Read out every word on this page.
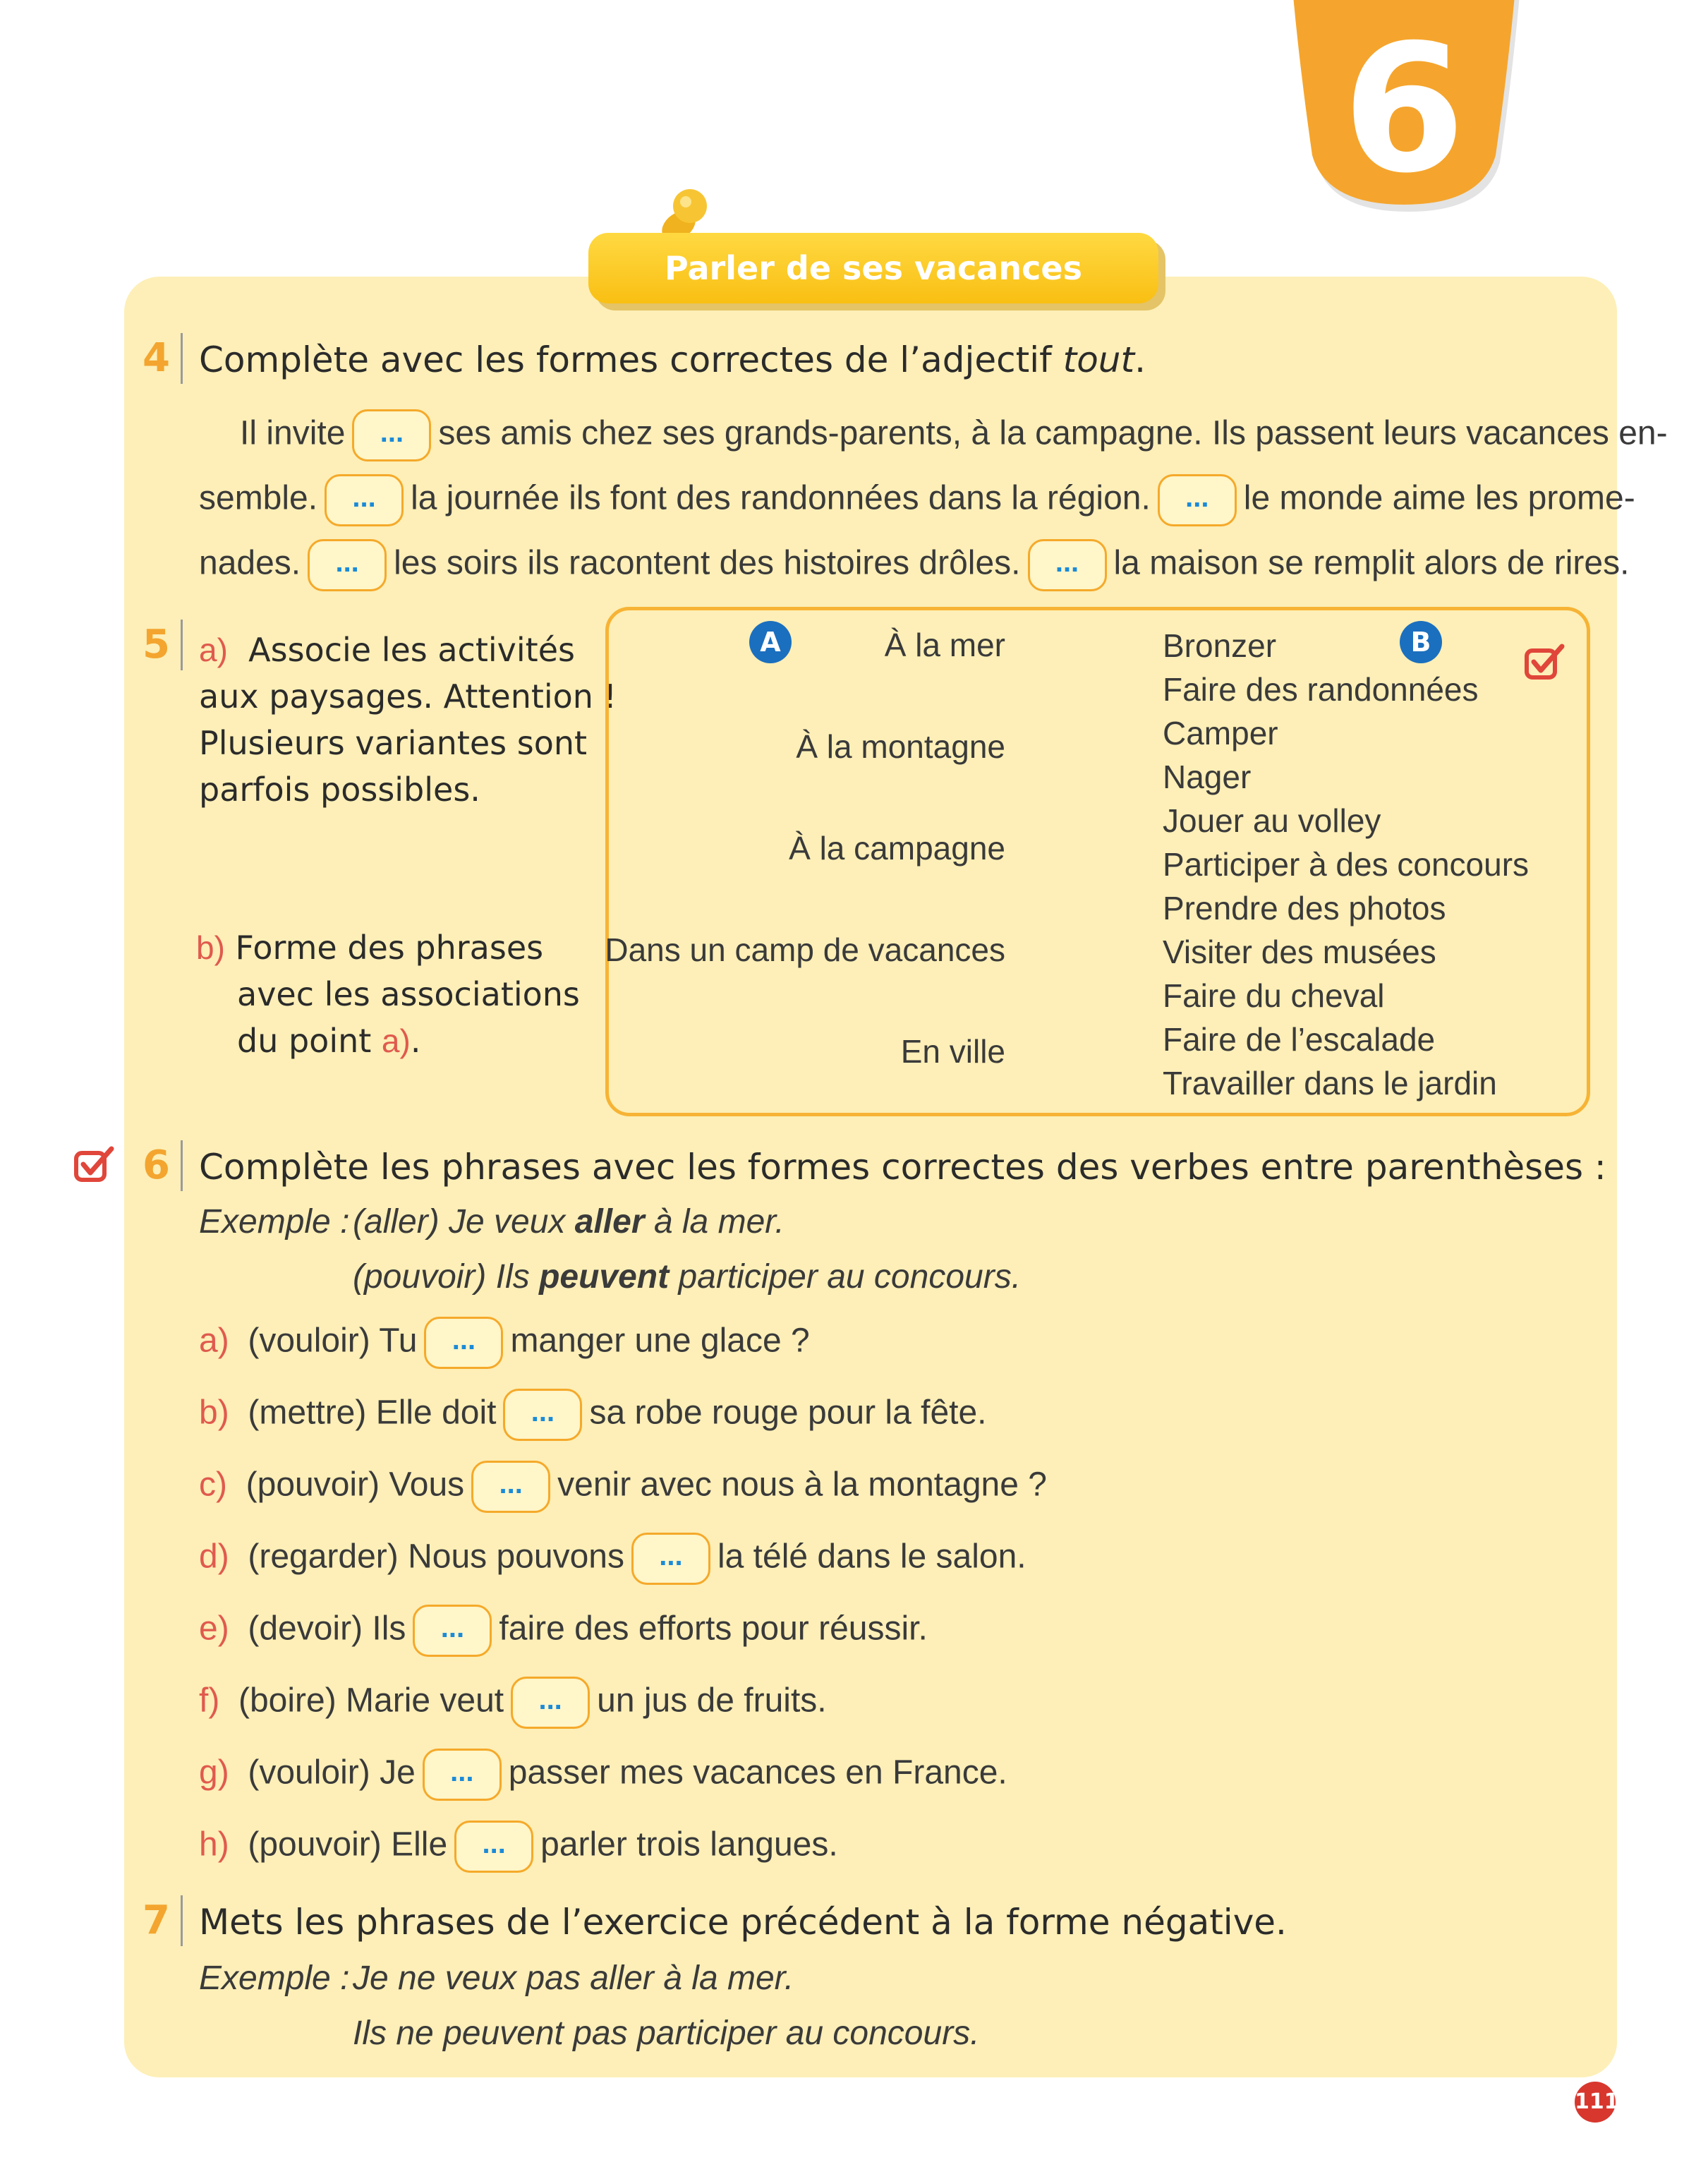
6
Parler de ses vacances
4 Complète avec les formes correctes de l’adjectif tout.
Il invite ... ses amis chez ses grands-parents, à la campagne. Ils passent leurs vacances en-
semble. ... la journée ils font des randonnées dans la région. ... le monde aime les prome-
nades. ... les soirs ils racontent des histoires drôles. ... la maison se remplit alors de rires.
5 a) Associe les activités
aux paysages. Attention !
Plusieurs variantes sont
parfois possibles.
b) Forme des phrases
avec les associations
du point a).
A	B
À la mer
À la montagne
À la campagne
Dans un camp de vacances
En ville
Bronzer
Faire des randonnées
Camper
Nager
Jouer au volley
Participer à des concours
Prendre des photos
Visiter des musées
Faire du cheval
Faire de l’escalade
Travailler dans le jardin
6 Complète les phrases avec les formes correctes des verbes entre parenthèses :
Exemple : (aller) Je veux aller à la mer.
(pouvoir) Ils peuvent participer au concours.
a) (vouloir) Tu ... manger une glace ?
b) (mettre) Elle doit ... sa robe rouge pour la fête.
c) (pouvoir) Vous ... venir avec nous à la montagne ?
d) (regarder) Nous pouvons ... la télé dans le salon.
e) (devoir) Ils ... faire des efforts pour réussir.
f) (boire) Marie veut ... un jus de fruits.
g) (vouloir) Je ... passer mes vacances en France.
h) (pouvoir) Elle ... parler trois langues.
7 Mets les phrases de l’exercice précédent à la forme négative.
Exemple : Je ne veux pas aller à la mer.
Ils ne peuvent pas participer au concours.
111
